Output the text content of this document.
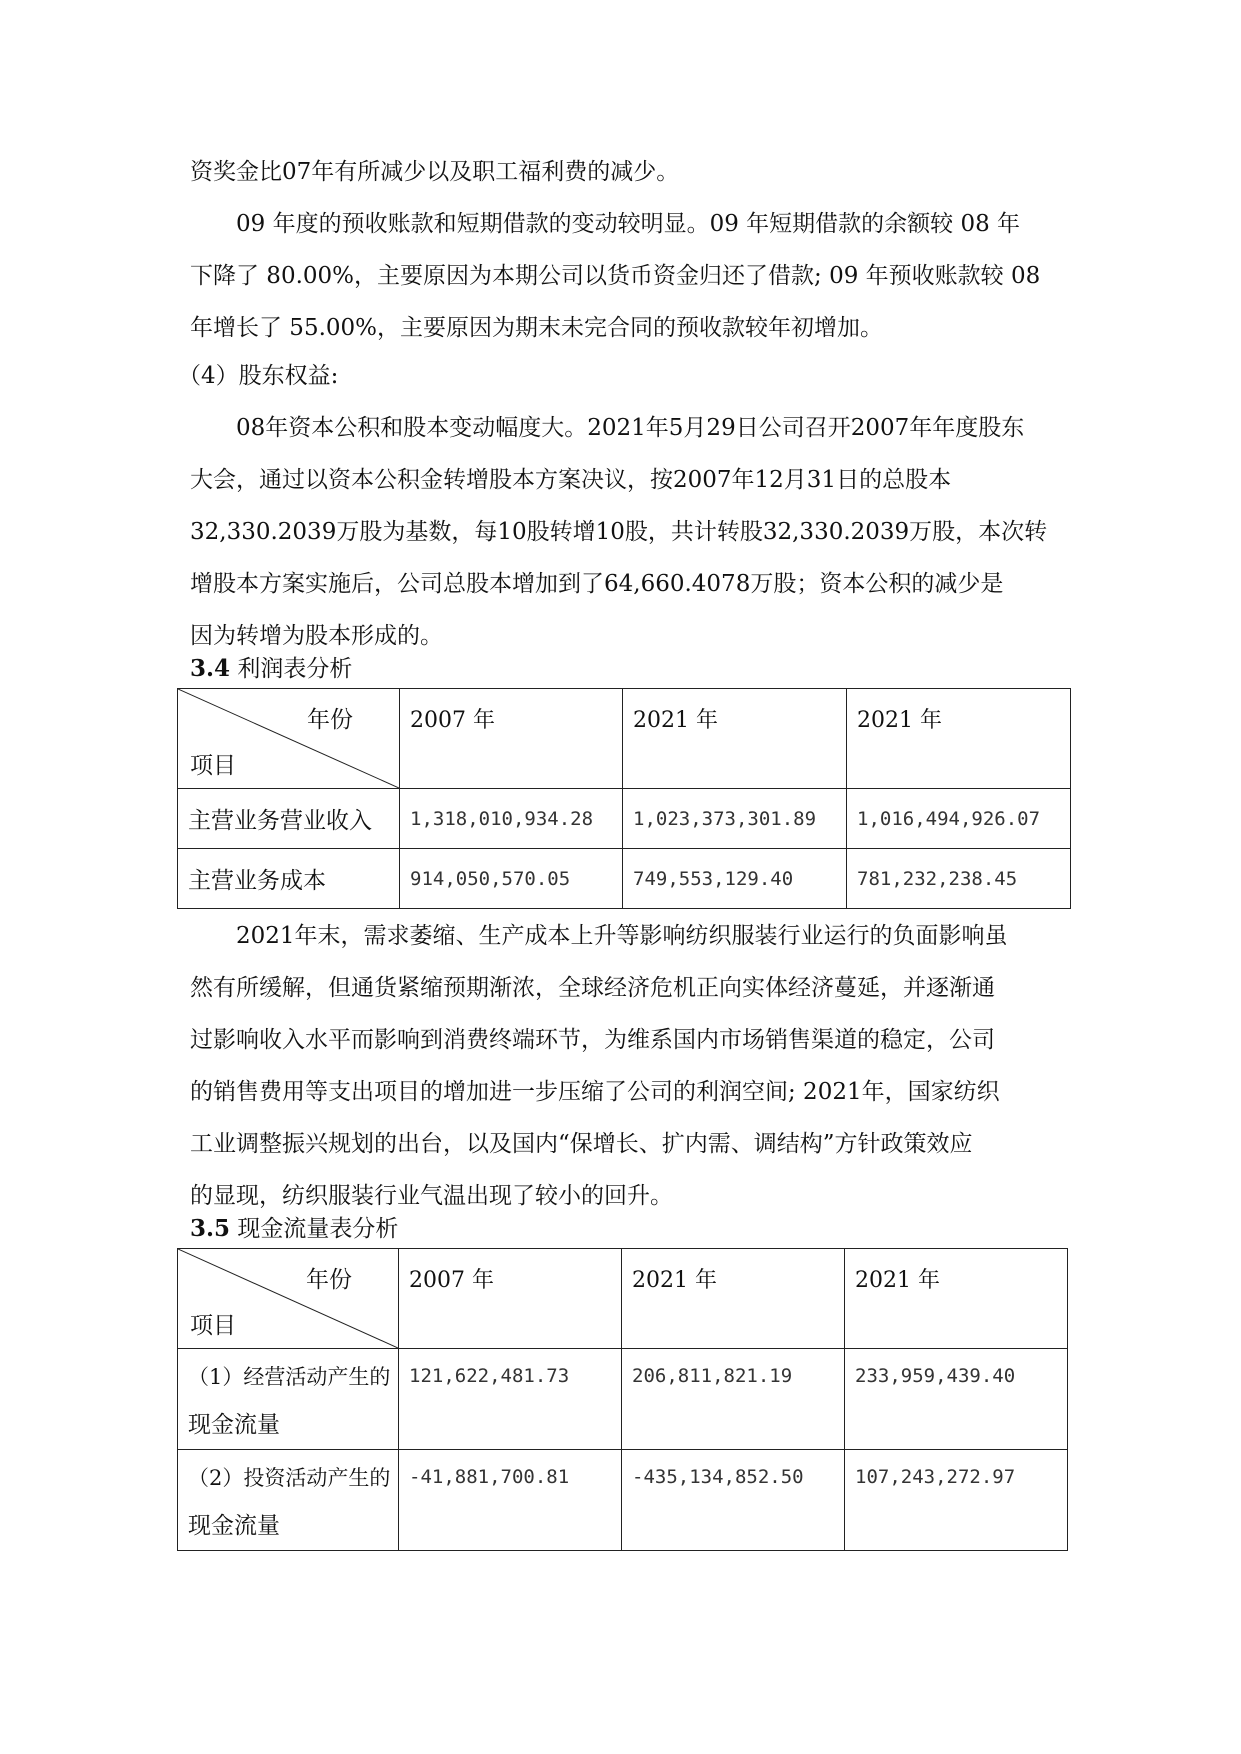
资奖金比07年有所减少以及职工福利费的减少。

09 年度的预收账款和短期借款的变动较明显。09 年短期借款的余额较 08 年
下降了 80.00%，主要原因为本期公司以货币资金归还了借款; 09 年预收账款较 08
年增长了 55.00%，主要原因为期末未完合同的预收款较年初增加。

（4）股东权益:

08年资本公积和股本变动幅度大。2021年5月29日公司召开2007年年度股东
大会，通过以资本公积金转增股本方案决议，按2007年12月31日的总股本
32,330.2039万股为基数，每10股转增10股，共计转股32,330.2039万股，本次转
增股本方案实施后，公司总股本增加到了64,660.4078万股；资本公积的减少是
因为转增为股本形成的。

3.4 利润表分析
年份
项目	2007 年	2021 年	2021 年
主营业务营业收入	1,318,010,934.28	1,023,373,301.89	1,016,494,926.07
主营业务成本	914,050,570.05	749,553,129.40	781,232,238.45

2021年末，需求萎缩、生产成本上升等影响纺织服装行业运行的负面影响虽
然有所缓解，但通货紧缩预期渐浓，全球经济危机正向实体经济蔓延，并逐渐通
过影响收入水平而影响到消费终端环节，为维系国内市场销售渠道的稳定，公司
的销售费用等支出项目的增加进一步压缩了公司的利润空间; 2021年，国家纺织
工业调整振兴规划的出台，以及国内“保增长、扩内需、调结构”方针政策效应
的显现，纺织服装行业气温出现了较小的回升。

3.5 现金流量表分析
年份
项目	2007 年	2021 年	2021 年

（1）经营活动产生的
现金流量	121,622,481.73	206,811,821.19	233,959,439.40

（2）投资活动产生的
现金流量	-41,881,700.81	-435,134,852.50	107,243,272.97
